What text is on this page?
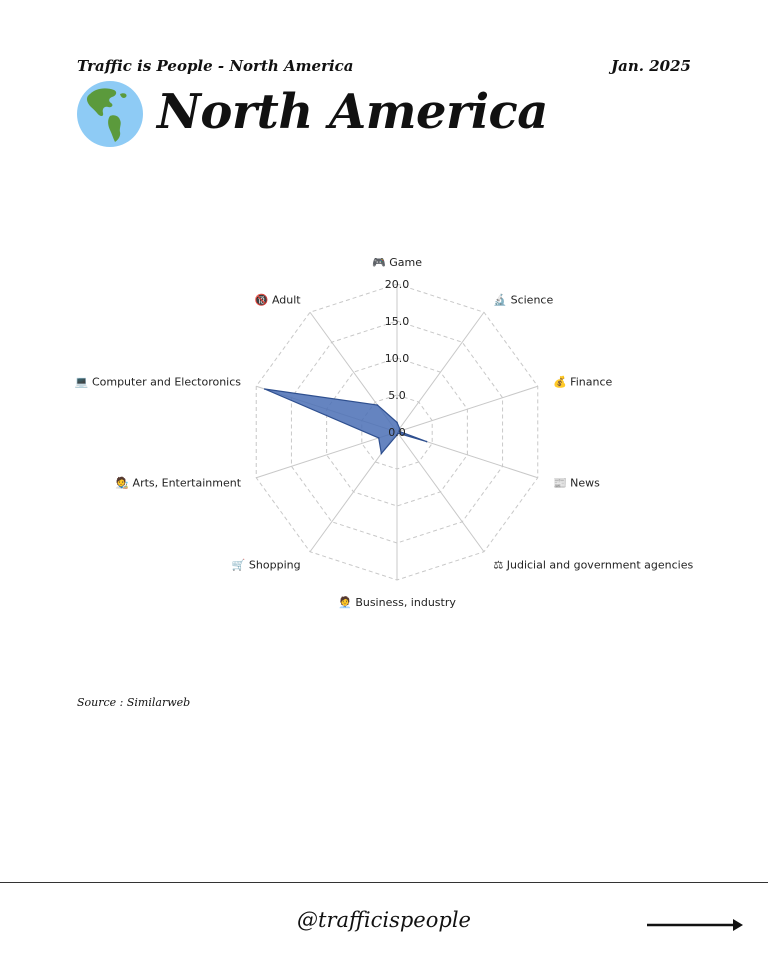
Traffic is People - North America	Jan. 2025
North America
0.0
5.0
10.0
15.0
20.0
🎮 Game
🔬 Science
💰 Finance
📰 News
⚖ Judicial and government agencies
🧑‍💼 Business, industry
🛒 Shopping
🧑‍🎨 Arts, Entertainment
💻 Computer and Electoronics
🔞 Adult
Source : Similarweb
@trafficispeople
